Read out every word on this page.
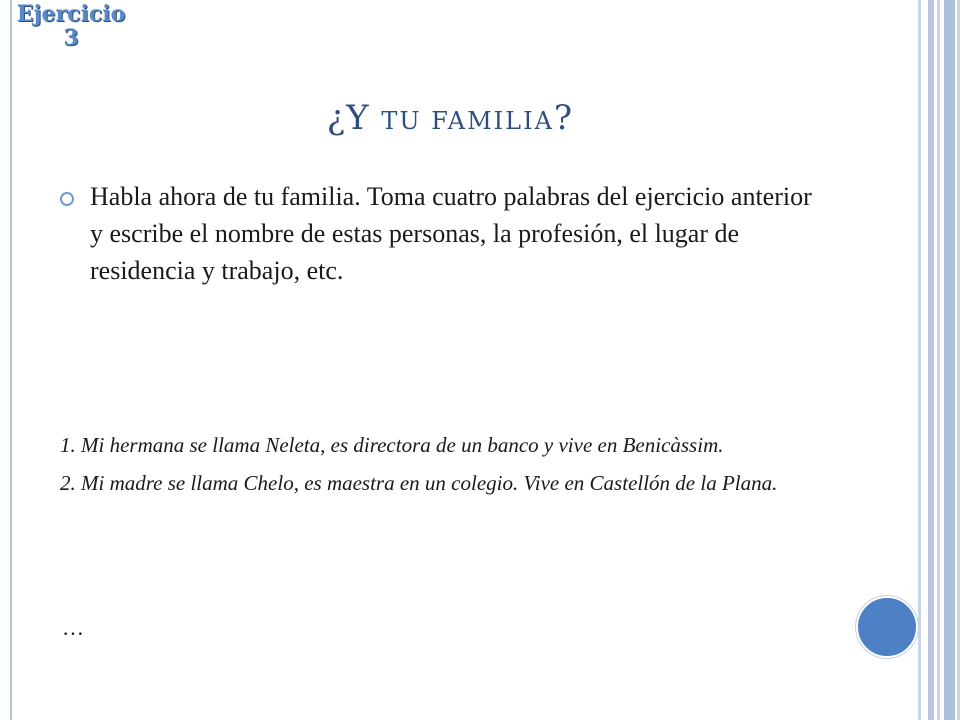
Ejercicio
3
¿Y TU FAMILIA?
Habla ahora de tu familia. Toma cuatro palabras del ejercicio anterior y escribe el nombre de estas personas, la profesión, el lugar de residencia y trabajo, etc.
1. Mi hermana se llama Neleta, es directora de un banco y vive en Benicàssim.
2. Mi madre se llama Chelo, es maestra en un colegio. Vive en Castellón de la Plana.
…
